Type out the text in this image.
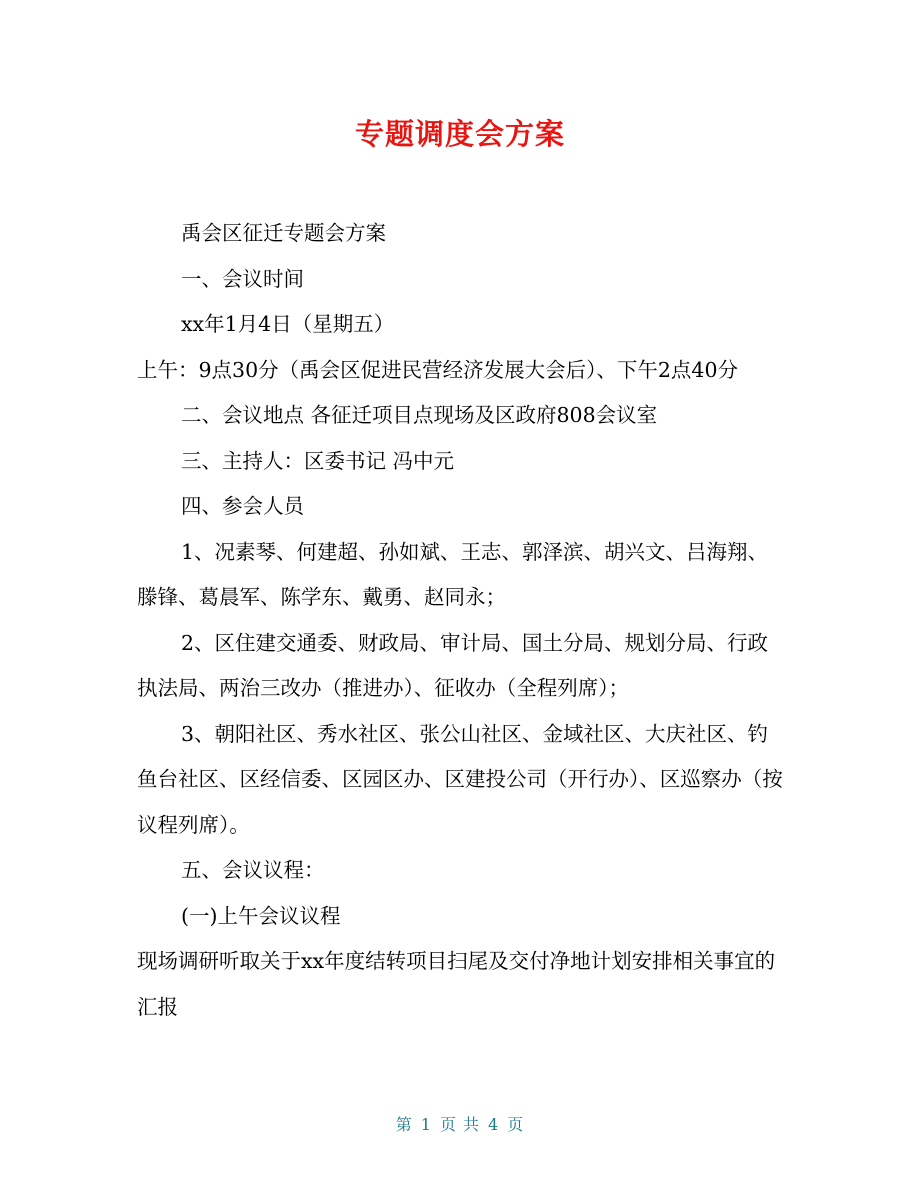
专题调度会方案

禹会区征迁专题会方案

一、会议时间

xx年1月4日（星期五）

上午：9点30分（禹会区促进民营经济发展大会后）、下午2点40分

二、会议地点 各征迁项目点现场及区政府808会议室

三、主持人：区委书记 冯中元

四、参会人员

1、况素琴、何建超、孙如斌、王志、郭泽滨、胡兴文、吕海翔、滕锋、葛晨军、陈学东、戴勇、赵同永；

2、区住建交通委、财政局、审计局、国土分局、规划分局、行政执法局、两治三改办（推进办）、征收办（全程列席）；

3、朝阳社区、秀水社区、张公山社区、金域社区、大庆社区、钓鱼台社区、区经信委、区园区办、区建投公司（开行办）、区巡察办（按议程列席）。

五、会议议程：

(一)上午会议议程

现场调研听取关于xx年度结转项目扫尾及交付净地计划安排相关事宜的汇报

第 1 页 共 4 页
